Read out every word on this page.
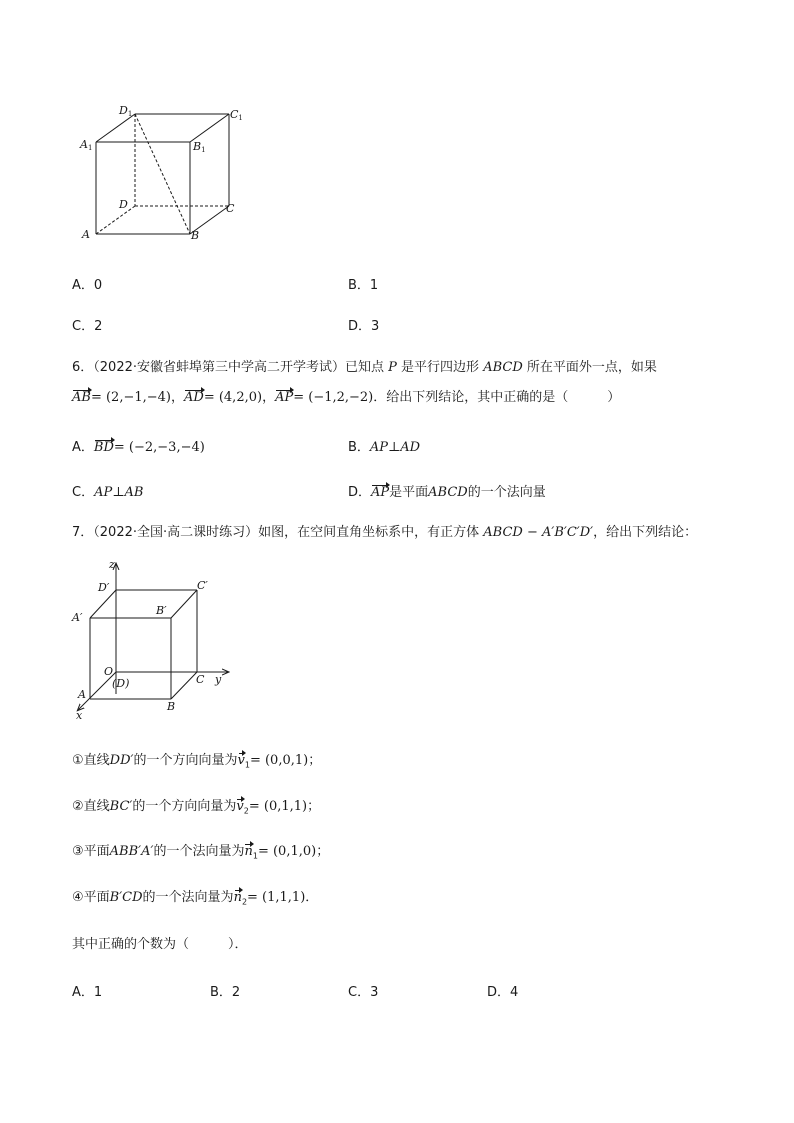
D1	C1
A1	B1
D	C
A	B
A．0	B．1
C．2	D．3
6．（2022·安徽省蚌埠第三中学高二开学考试）已知点 P 是平行四边形 ABCD 所在平面外一点，如果
AB= (2,−1,−4)，AD= (4,2,0)，AP= (−1,2,−2)．给出下列结论，其中正确的是（　　　）
A．BD= (−2,−3,−4)	B．AP⊥AD
C．AP⊥AB	D．AP是平面ABCD的一个法向量
7．（2022·全国·高二课时练习）如图，在空间直角坐标系中，有正方体 ABCD − A′B′C′D′，给出下列结论：
z
y
x
D′	C′
B′
A′
O
(D)	C
A
B
①直线DD′的一个方向向量为$v_1= (0,0,1)$；
②直线BC′的一个方向向量为$v_2= (0,1,1)$；
③平面ABB′A′的一个法向量为$n_1= (0,1,0)$；
④平面B′CD的一个法向量为$n_2= (1,1,1)$．
其中正确的个数为（　　　）．
A．1	B．2	C．3	D．4
